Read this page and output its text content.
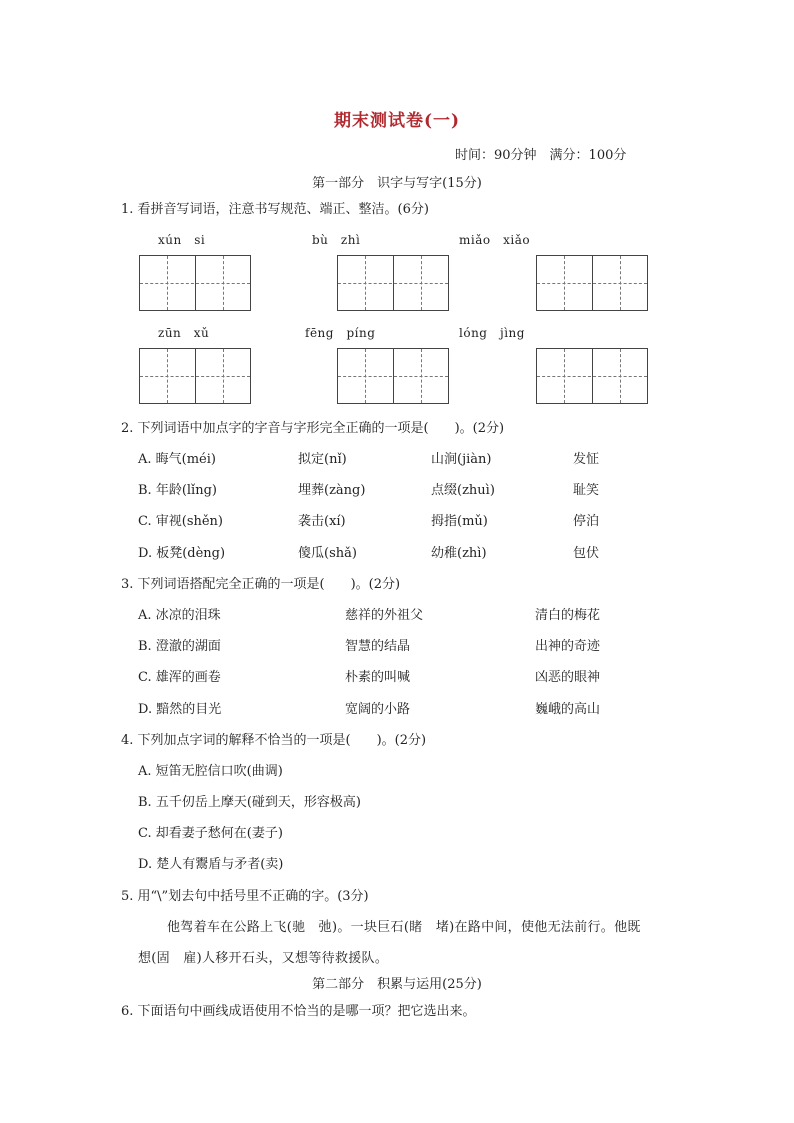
期末测试卷(一)
时间：90分钟　满分：100分
第一部分　识字与写字(15分)
1. 看拼音写词语，注意书写规范、端正、整洁。(6分)
xún　si	bù　zhì	miǎo　xiǎo
zūn　xǔ	fēng　píng	lóng　jìng
2. 下列词语中加点字的字音与字形完全正确的一项是(　　)。(2分)
A. 晦气(méi)	拟定(nǐ)	山涧(jiàn)	发怔
B. 年龄(lǐng)	埋葬(zàng)	点缀(zhuì)	耻笑
C. 审视(shěn)	袭击(xí)	拇指(mǔ)	停泊
D. 板凳(dèng)	傻瓜(shǎ)	幼稚(zhì)	包伏
3. 下列词语搭配完全正确的一项是(　　)。(2分)
A. 冰凉的泪珠	慈祥的外祖父	清白的梅花
B. 澄澈的湖面	智慧的结晶	出神的奇迹
C. 雄浑的画卷	朴素的叫喊	凶恶的眼神
D. 黯然的目光	宽阔的小路	巍峨的高山
4. 下列加点字词的解释不恰当的一项是(　　)。(2分)
A. 短笛无腔信口吹(曲调)
B. 五千仞岳上摩天(碰到天，形容极高)
C. 却看妻子愁何在(妻子)
D. 楚人有鬻盾与矛者(卖)
5. 用“\”划去句中括号里不正确的字。(3分)
他驾着车在公路上飞(驰　弛)。一块巨石(睹　堵)在路中间，使他无法前行。他既
想(固　雇)人移开石头，又想等待救援队。
第二部分　积累与运用(25分)
6. 下面语句中画线成语使用不恰当的是哪一项？把它选出来。
